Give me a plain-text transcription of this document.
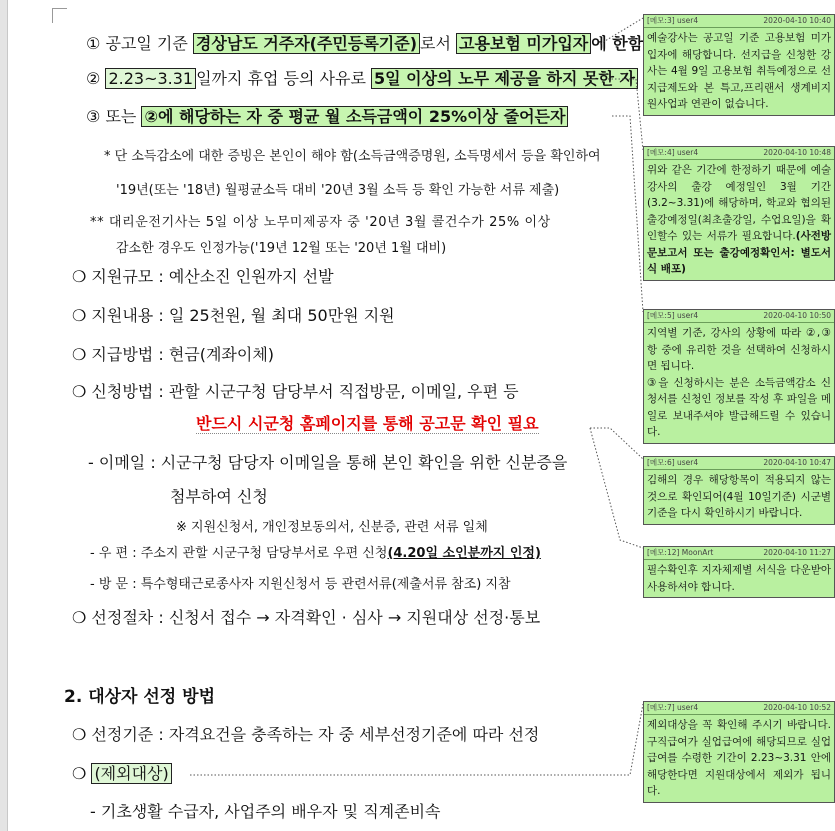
① 공고일 기준 경상남도 거주자(주민등록기준) 로서 고용보험 미가입자 에 한함
② 2.23~3.31 일까지 휴업 등의 사유로 5일 이상의 노무 제공을 하지 못한 자
③ 또는 ②에 해당하는 자 중 평균 월 소득금액이 25%이상 줄어든자
* 단 소득감소에 대한 증빙은 본인이 해야 함(소득금액증명원, 소득명세서 등을 확인하여
'19년(또는 '18년) 월평균소득 대비 '20년 3월 소득 등 확인 가능한 서류 제출)
** 대리운전기사는 5일 이상 노무미제공자 중 '20년 3월 콜건수가 25% 이상
감소한 경우도 인정가능('19년 12월 또는 '20년 1월 대비)
❍ 지원규모 : 예산소진 인원까지 선발
❍ 지원내용 : 일 25천원, 월 최대 50만원 지원
❍ 지급방법 : 현금(계좌이체)
❍ 신청방법 : 관할 시군구청 담당부서 직접방문, 이메일, 우편 등
반드시 시군청 홈페이지를 통해 공고문 확인 필요
- 이메일 : 시군구청 담당자 이메일을 통해 본인 확인을 위한 신분증을
첨부하여 신청
※ 지원신청서, 개인정보동의서, 신분증, 관련 서류 일체
- 우 편 : 주소지 관할 시군구청 담당부서로 우편 신청(4.20일 소인분까지 인정)
- 방 문 : 특수형태근로종사자 지원신청서 등 관련서류(제출서류 참조) 지참
❍ 선정절차 : 신청서 접수 → 자격확인 · 심사 → 지원대상 선정·통보
2. 대상자 선정 방법
❍ 선정기준 : 자격요건을 충족하는 자 중 세부선정기준에 따라 선정
❍ (제외대상)
- 기초생활 수급자, 사업주의 배우자 및 직계존비속
[메모:3] user4	2020-04-10 10:40
예술강사는 공고일 기준 고용보험 미가입자에 해당합니다. 선지급을 신청한 강사는 4월 9일 고용보험 취득예정으로 선지급제도와 본 특고,프리랜서 생계비지원사업과 연관이 없습니다.
[메모:4] user4	2020-04-10 10:48
위와 같은 기간에 한정하기 때문에 예술강사의 출강 예정일인 3월 기간(3.2~3.31)에 해당하며, 학교와 협의된 출강예정일(최초출강일, 수업요일)을 확인할수 있는 서류가 필요합니다.(사전방문보고서 또는 출강예정확인서: 별도서식 배포)
[메모:5] user4	2020-04-10 10:50
지역별 기준, 강사의 상황에 따라 ②,③항 중에 유리한 것을 선택하여 신청하시면 됩니다.
③을 신청하시는 분은 소득금액감소 신청서를 신청인 정보를 작성 후 파일을 메일로 보내주셔야 발급해드릴 수 있습니다.
[메모:6] user4	2020-04-10 10:47
김해의 경우 해당항목이 적용되지 않는 것으로 확인되어(4월 10일기준) 시군별 기준을 다시 확인하시기 바랍니다.
[메모:12] MoonArt	2020-04-10 11:27
필수확인후 지자체제별 서식을 다운받아 사용하셔야 합니다.
[메모:7] user4	2020-04-10 10:52
제외대상을 꼭 확인해 주시기 바랍니다. 구직급여가 실업급여에 해당되므로 실업급여를 수령한 기간이 2.23~3.31 안에 해당한다면 지원대상에서 제외가 됩니다.
